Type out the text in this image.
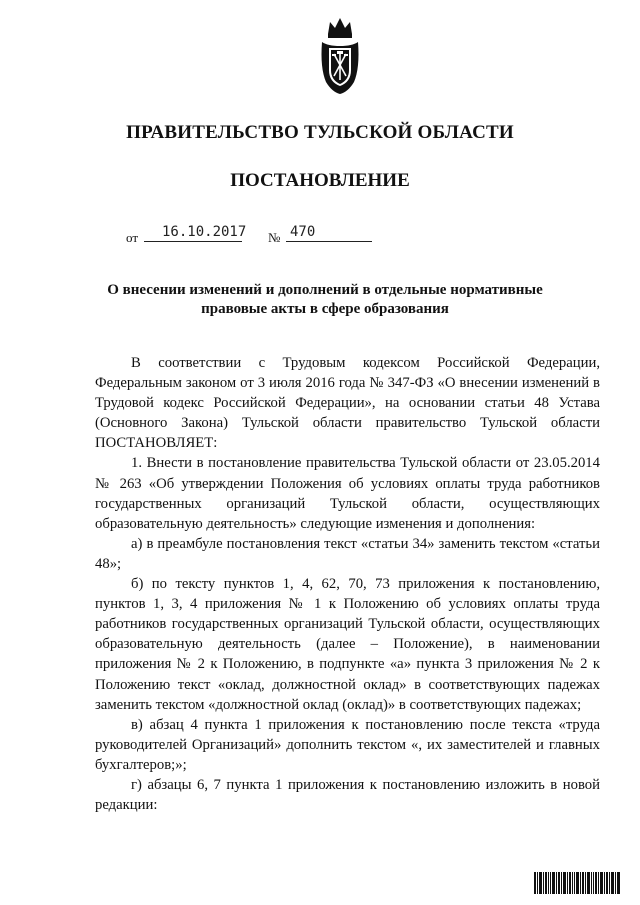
ПРАВИТЕЛЬСТВО ТУЛЬСКОЙ ОБЛАСТИ
ПОСТАНОВЛЕНИЕ
от 16.10.2017 № 470
О внесении изменений и дополнений в отдельные нормативные
правовые акты в сфере образования

В соответствии с Трудовым кодексом Российской Федерации, Федеральным законом от 3 июля 2016 года № 347-ФЗ «О внесении изменений в Трудовой кодекс Российской Федерации», на основании статьи 48 Устава (Основного Закона) Тульской области правительство Тульской области ПОСТАНОВЛЯЕТ:

1. Внести в постановление правительства Тульской области от 23.05.2014 № 263 «Об утверждении Положения об условиях оплаты труда работников государственных организаций Тульской области, осуществляющих образовательную деятельность» следующие изменения и дополнения:

а) в преамбуле постановления текст «статьи 34» заменить текстом «статьи 48»;

б) по тексту пунктов 1, 4, 62, 70, 73 приложения к постановлению, пунктов 1, 3, 4 приложения № 1 к Положению об условиях оплаты труда работников государственных организаций Тульской области, осуществляющих образовательную деятельность (далее – Положение), в наименовании приложения № 2 к Положению, в подпункте «а» пункта 3 приложения № 2 к Положению текст «оклад, должностной оклад» в соответствующих падежах заменить текстом «должностной оклад (оклад)» в соответствующих падежах;

в) абзац 4 пункта 1 приложения к постановлению после текста «труда руководителей Организаций» дополнить текстом «, их заместителей и главных бухгалтеров;»;

г) абзацы 6, 7 пункта 1 приложения к постановлению изложить в новой редакции:
